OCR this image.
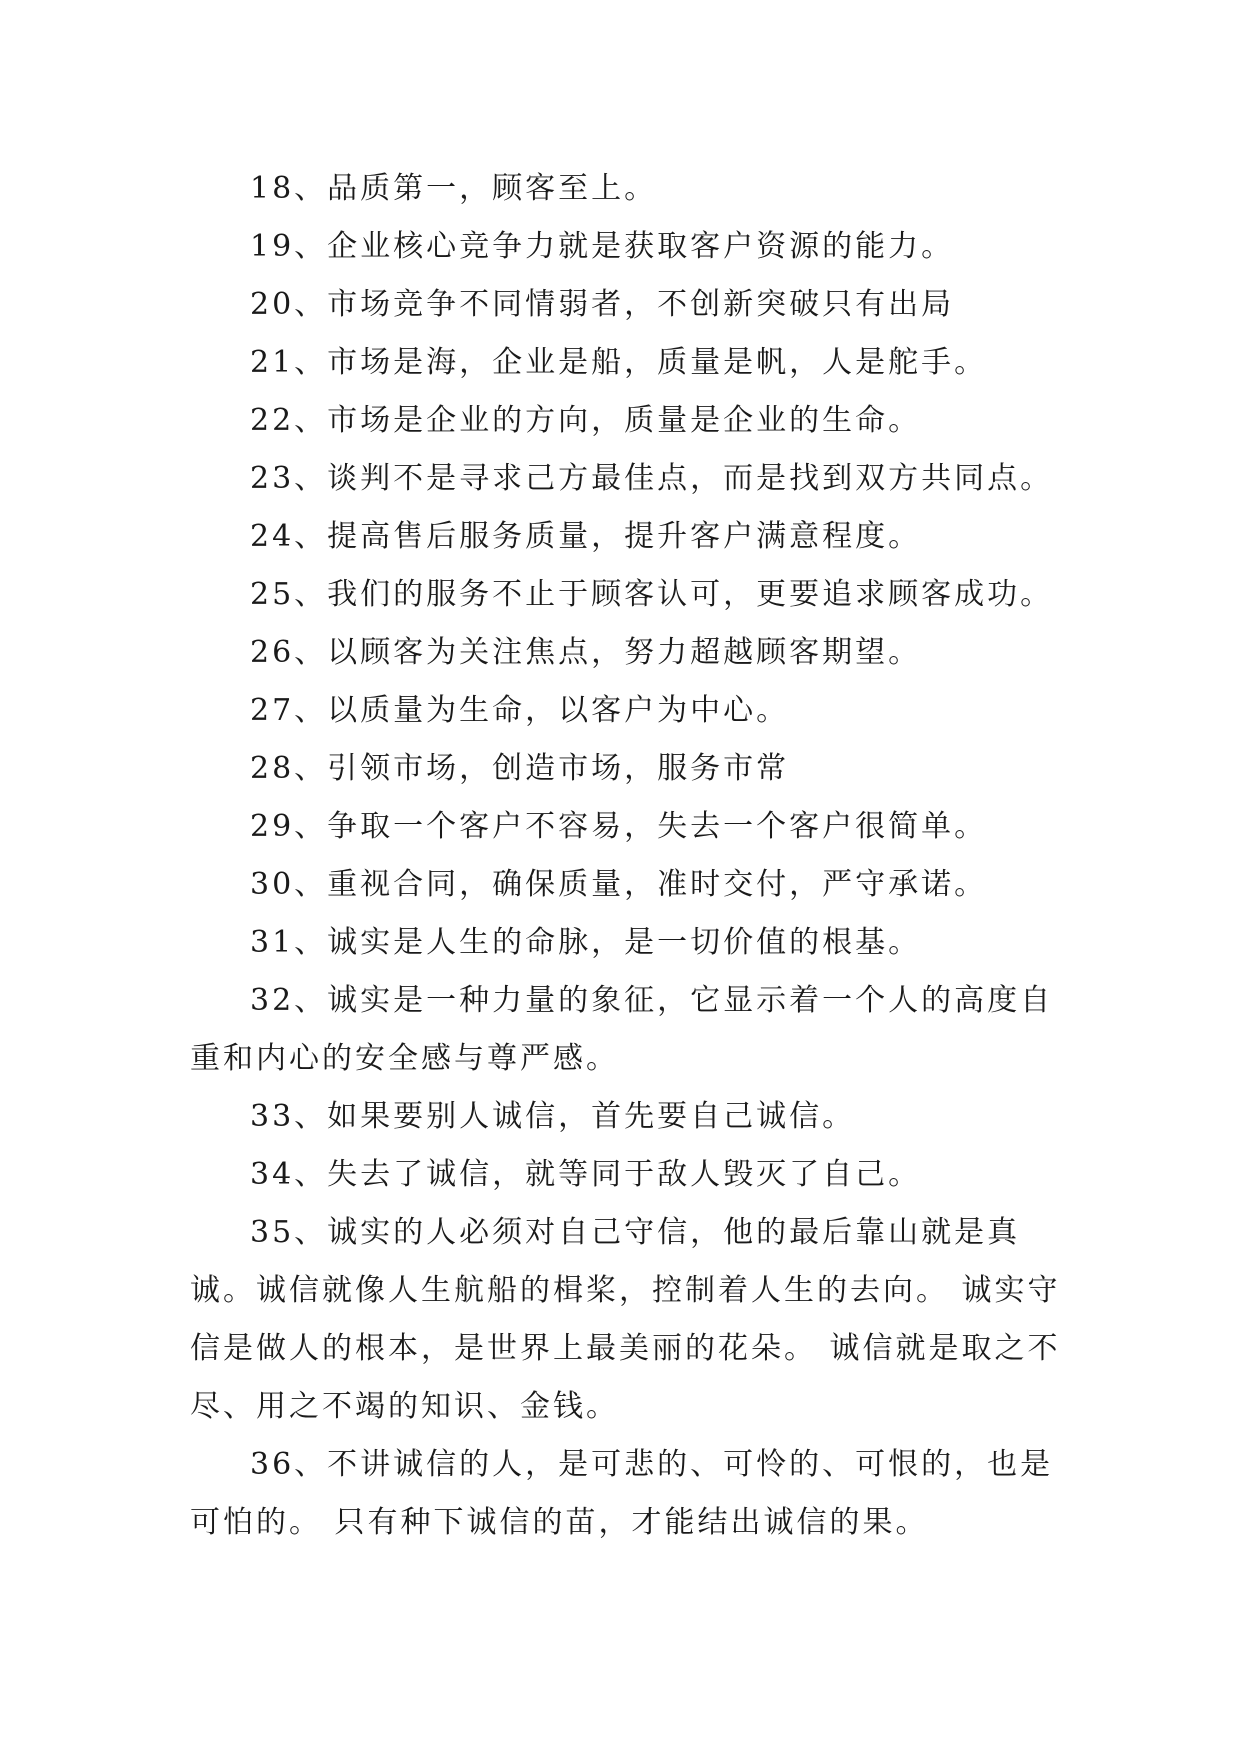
18、品质第一，顾客至上。

19、企业核心竞争力就是获取客户资源的能力。

20、市场竞争不同情弱者，不创新突破只有出局

21、市场是海，企业是船，质量是帆，人是舵手。

22、市场是企业的方向，质量是企业的生命。

23、谈判不是寻求己方最佳点，而是找到双方共同点。

24、提高售后服务质量，提升客户满意程度。

25、我们的服务不止于顾客认可，更要追求顾客成功。

26、以顾客为关注焦点，努力超越顾客期望。

27、以质量为生命，以客户为中心。

28、引领市场，创造市场，服务市常

29、争取一个客户不容易，失去一个客户很简单。

30、重视合同，确保质量，准时交付，严守承诺。

31、诚实是人生的命脉，是一切价值的根基。

32、诚实是一种力量的象征，它显示着一个人的高度自重和内心的安全感与尊严感。

33、如果要别人诚信，首先要自己诚信。

34、失去了诚信，就等同于敌人毁灭了自己。

35、诚实的人必须对自己守信，他的最后靠山就是真诚。诚信就像人生航船的楫桨，控制着人生的去向。 诚实守信是做人的根本，是世界上最美丽的花朵。 诚信就是取之不尽、用之不竭的知识、金钱。

36、不讲诚信的人，是可悲的、可怜的、可恨的，也是可怕的。 只有种下诚信的苗，才能结出诚信的果。
